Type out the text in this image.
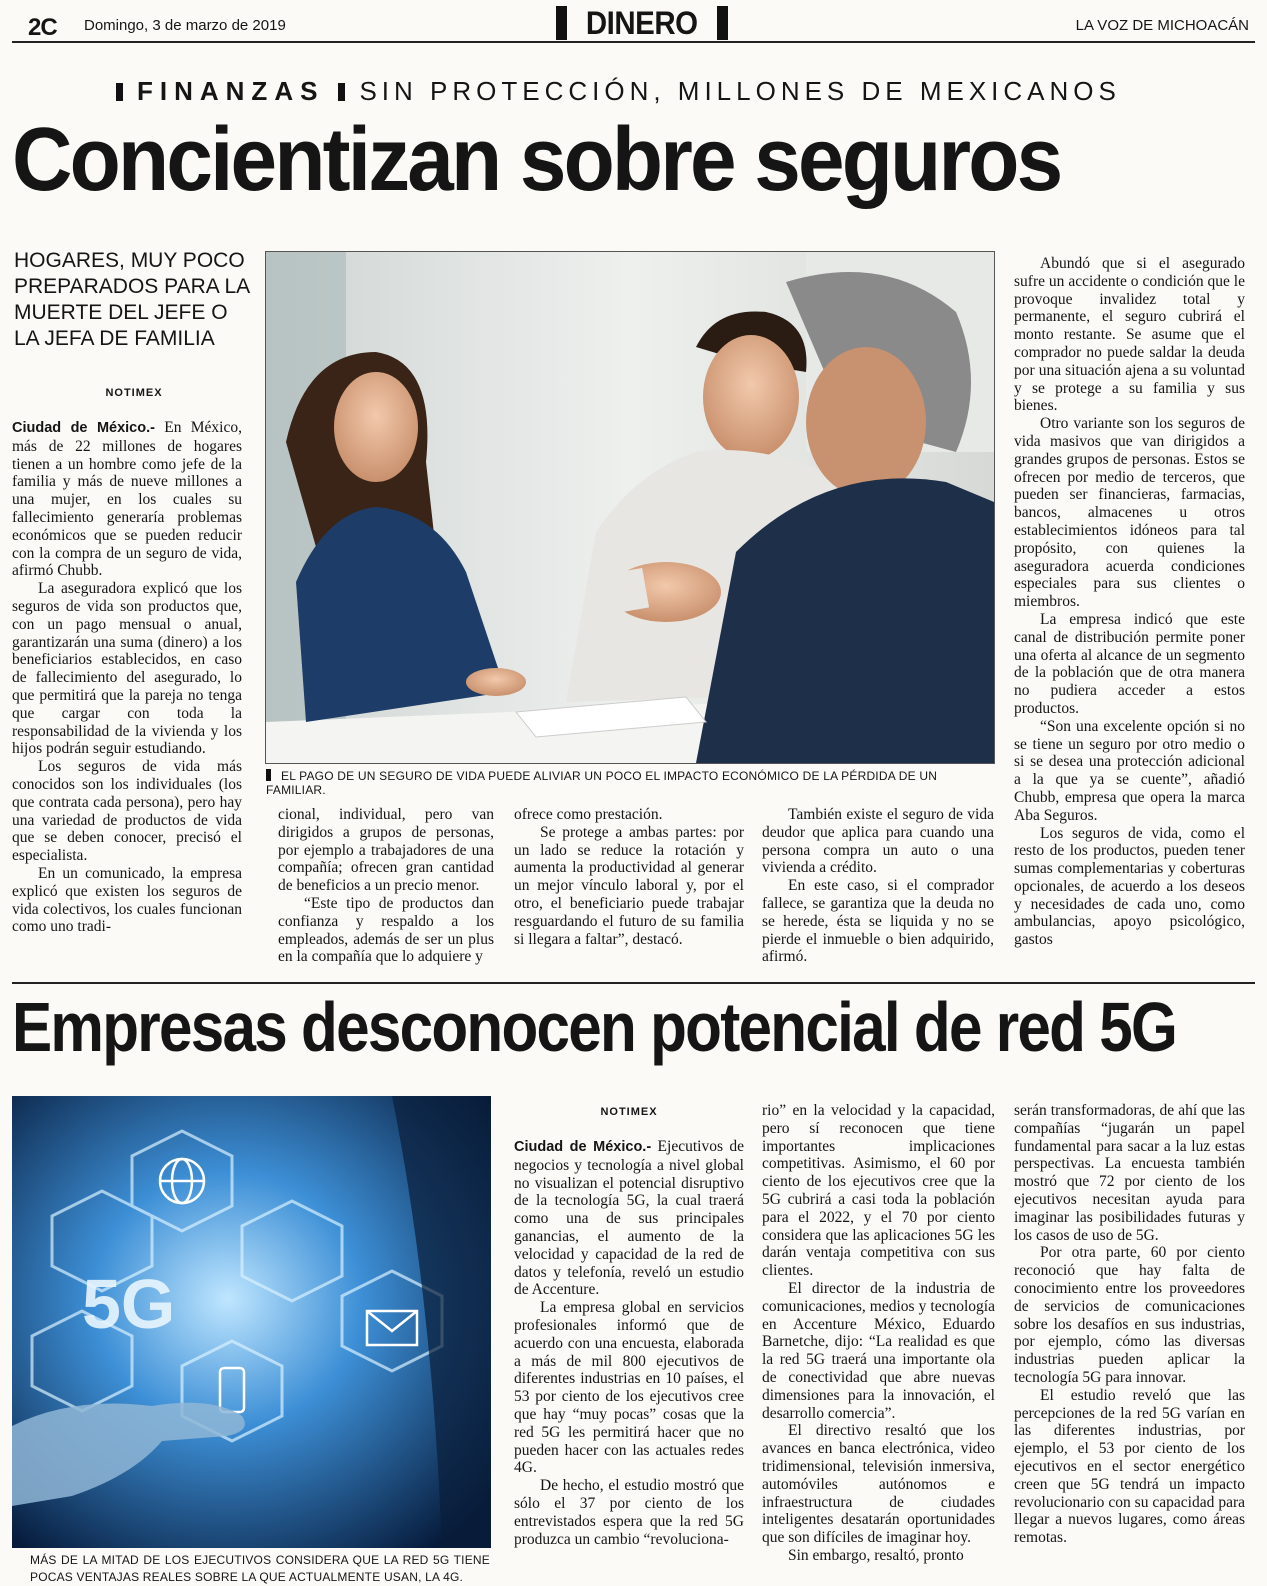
2C Domingo, 3 de marzo de 2019	DINERO	LA VOZ DE MICHOACÁN
FINANZAS SIN PROTECCIÓN, MILLONES DE MEXICANOS
Concientizan sobre seguros
HOGARES, MUY POCO PREPARADOS PARA LA MUERTE DEL JEFE O LA JEFA DE FAMILIA
NOTIMEX

Ciudad de México.- En México, más de 22 millones de hogares tienen a un hombre como jefe de la familia y más de nueve millones a una mujer, en los cuales su fallecimiento generaría problemas económicos que se pueden reducir con la compra de un seguro de vida, afirmó Chubb.

La aseguradora explicó que los seguros de vida son productos que, con un pago mensual o anual, garantizarán una suma (dinero) a los beneficiarios establecidos, en caso de fallecimiento del asegurado, lo que permitirá que la pareja no tenga que cargar con toda la responsabilidad de la vivienda y los hijos podrán seguir estudiando.

Los seguros de vida más conocidos son los individuales (los que contrata cada persona), pero hay una variedad de productos de vida que se deben conocer, precisó el especialista.

En un comunicado, la empresa explicó que existen los seguros de vida colectivos, los cuales funcionan como uno tradi-

EL PAGO DE UN SEGURO DE VIDA PUEDE ALIVIAR UN POCO EL IMPACTO ECONÓMICO DE LA PÉRDIDA DE UN FAMILIAR.

cional, individual, pero van dirigidos a grupos de personas, por ejemplo a trabajadores de una compañía; ofrecen gran cantidad de beneficios a un precio menor.

“Este tipo de productos dan confianza y respaldo a los empleados, además de ser un plus en la compañía que lo adquiere y

ofrece como prestación.

Se protege a ambas partes: por un lado se reduce la rotación y aumenta la productividad al generar un mejor vínculo laboral y, por el otro, el beneficiario puede trabajar resguardando el futuro de su familia si llegara a faltar”, destacó.

También existe el seguro de vida deudor que aplica para cuando una persona compra un auto o una vivienda a crédito.

En este caso, si el comprador fallece, se garantiza que la deuda no se herede, ésta se liquida y no se pierde el inmueble o bien adquirido, afirmó.

Abundó que si el asegurado sufre un accidente o condición que le provoque invalidez total y permanente, el seguro cubrirá el monto restante. Se asume que el comprador no puede saldar la deuda por una situación ajena a su voluntad y se protege a su familia y sus bienes.

Otro variante son los seguros de vida masivos que van dirigidos a grandes grupos de personas. Estos se ofrecen por medio de terceros, que pueden ser financieras, farmacias, bancos, almacenes u otros establecimientos idóneos para tal propósito, con quienes la aseguradora acuerda condiciones especiales para sus clientes o miembros.

La empresa indicó que este canal de distribución permite poner una oferta al alcance de un segmento de la población que de otra manera no pudiera acceder a estos productos.

“Son una excelente opción si no se tiene un seguro por otro medio o si se desea una protección adicional a la que ya se cuente”, añadió Chubb, empresa que opera la marca Aba Seguros.

Los seguros de vida, como el resto de los productos, pueden tener sumas complementarias y coberturas opcionales, de acuerdo a los deseos y necesidades de cada uno, como ambulancias, apoyo psicológico, gastos

Empresas desconocen potencial de red 5G
5G
MÁS DE LA MITAD DE LOS EJECUTIVOS CONSIDERA QUE LA RED 5G TIENE POCAS VENTAJAS REALES SOBRE LA QUE ACTUALMENTE USAN, LA 4G.
NOTIMEX

Ciudad de México.- Ejecutivos de negocios y tecnología a nivel global no visualizan el potencial disruptivo de la tecnología 5G, la cual traerá como una de sus principales ganancias, el aumento de la velocidad y capacidad de la red de datos y telefonía, reveló un estudio de Accenture.

La empresa global en servicios profesionales informó que de acuerdo con una encuesta, elaborada a más de mil 800 ejecutivos de diferentes industrias en 10 países, el 53 por ciento de los ejecutivos cree que hay “muy pocas” cosas que la red 5G les permitirá hacer que no pueden hacer con las actuales redes 4G.

De hecho, el estudio mostró que sólo el 37 por ciento de los entrevistados espera que la red 5G produzca un cambio “revoluciona-

rio” en la velocidad y la capacidad, pero sí reconocen que tiene importantes implicaciones competitivas. Asimismo, el 60 por ciento de los ejecutivos cree que la 5G cubrirá a casi toda la población para el 2022, y el 70 por ciento considera que las aplicaciones 5G les darán ventaja competitiva con sus clientes.

El director de la industria de comunicaciones, medios y tecnología en Accenture México, Eduardo Barnetche, dijo: “La realidad es que la red 5G traerá una importante ola de conectividad que abre nuevas dimensiones para la innovación, el desarrollo comercia”.

El directivo resaltó que los avances en banca electrónica, video tridimensional, televisión inmersiva, automóviles autónomos e infraestructura de ciudades inteligentes desatarán oportunidades que son difíciles de imaginar hoy.

Sin embargo, resaltó, pronto

serán transformadoras, de ahí que las compañías “jugarán un papel fundamental para sacar a la luz estas perspectivas. La encuesta también mostró que 72 por ciento de los ejecutivos necesitan ayuda para imaginar las posibilidades futuras y los casos de uso de 5G.

Por otra parte, 60 por ciento reconoció que hay falta de conocimiento entre los proveedores de servicios de comunicaciones sobre los desafíos en sus industrias, por ejemplo, cómo las diversas industrias pueden aplicar la tecnología 5G para innovar.

El estudio reveló que las percepciones de la red 5G varían en las diferentes industrias, por ejemplo, el 53 por ciento de los ejecutivos en el sector energético creen que 5G tendrá un impacto revolucionario con su capacidad para llegar a nuevos lugares, como áreas remotas.
